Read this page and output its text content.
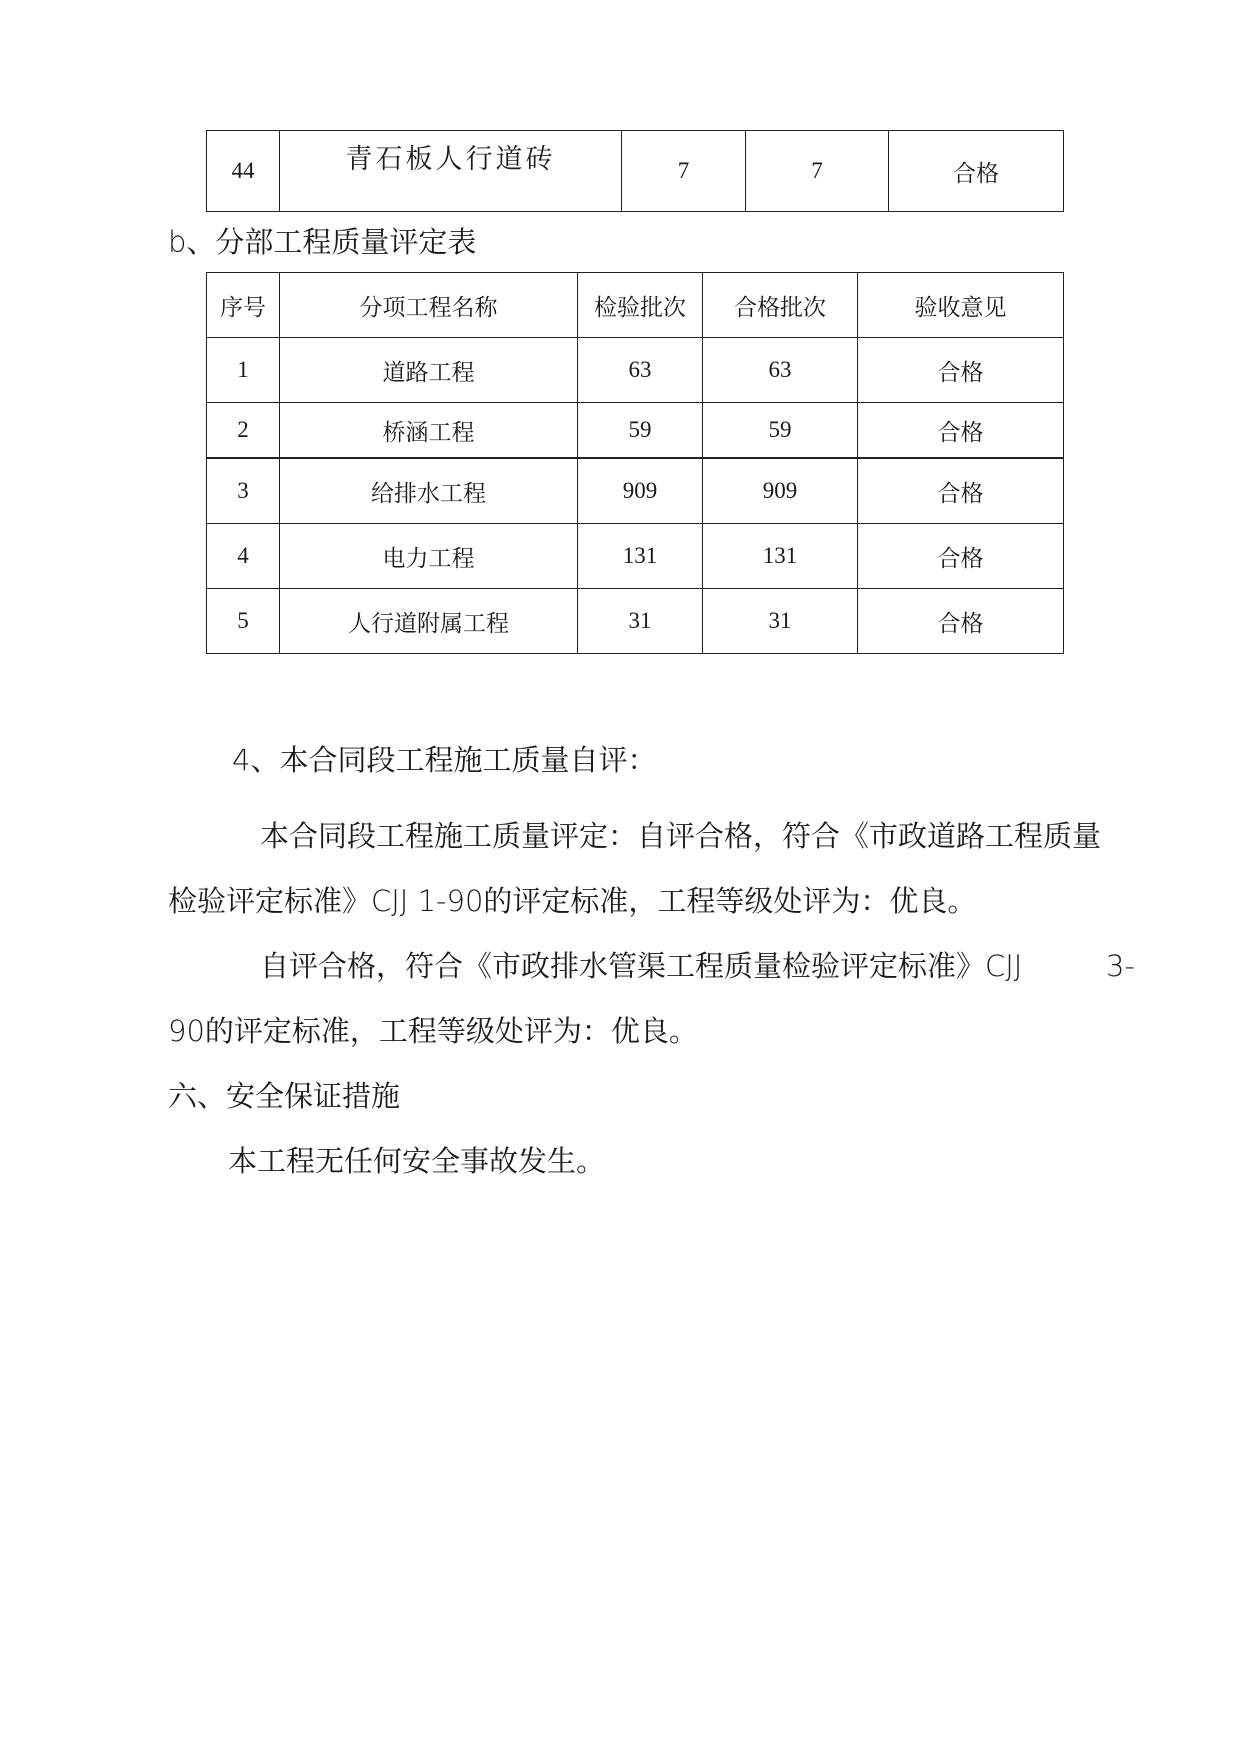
44	青石板人行道砖	7	7	合格
b、分部工程质量评定表
序号	分项工程名称	检验批次	合格批次	验收意见
1	道路工程	63	63	合格
2	桥涵工程	59	59	合格
3	给排水工程	909	909	合格
4	电力工程	131	131	合格
5	人行道附属工程	31	31	合格
4、本合同段工程施工质量自评：
本合同段工程施工质量评定：自评合格，符合《市政道路工程质量
检验评定标准》CJJ 1-90的评定标准，工程等级处评为：优良。
自评合格，符合《市政排水管渠工程质量检验评定标准》CJJ	3-
90的评定标准，工程等级处评为：优良。
六、安全保证措施
本工程无任何安全事故发生。
